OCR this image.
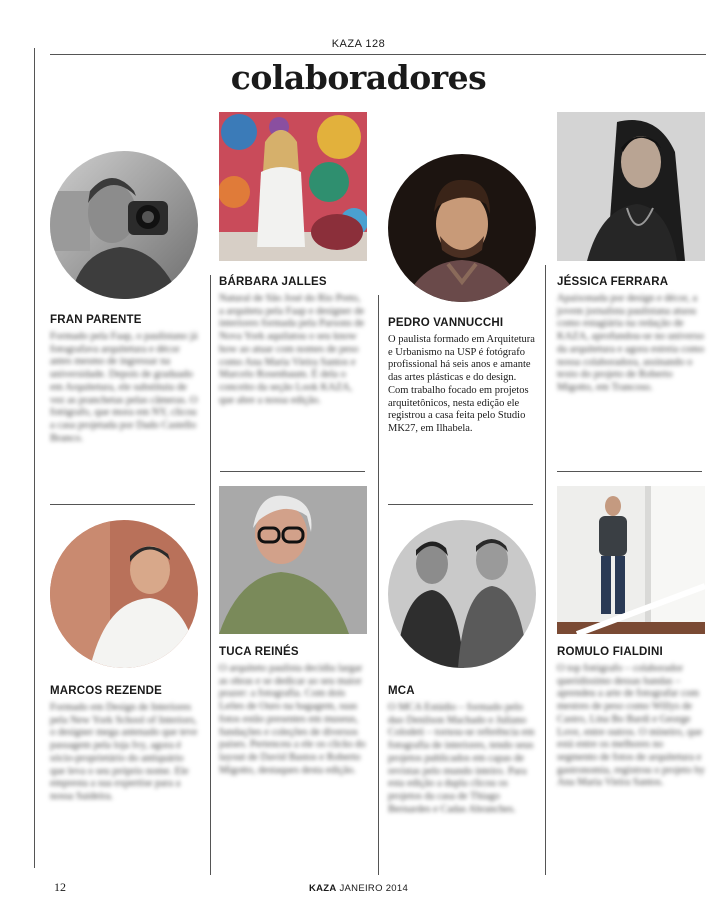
KAZA 128
colaboradores
FRAN PARENTE
Formado pela Faap, o paulistano já fotografava arquitetura e décor antes mesmo de ingressar na universidade. Depois de graduado em Arquitetura, ele substituiu de vez as pranchetas pelas câmeras. O fotógrafo, que mora em NY, clicou a casa projetada por Dado Castello Branco.
BÁRBARA JALLES
Natural de São José do Rio Preto, a arquiteta pela Faap e designer de interiores formada pela Parsons de Nova York aquilatou o seu know how ao atuar com nomes de peso como Ana Maria Vieira Santos e Marcelo Rosenbaum. É dela o conceito da seção Look KAZA, que abre a nossa edição.
PEDRO VANNUCCHI
O paulista formado em Arquitetura e Urbanismo na USP é fotógrafo profissional há seis anos e amante das artes plásticas e do design. Com trabalho focado em projetos arquitetônicos, nesta edição ele registrou a casa feita pelo Studio MK27, em Ilhabela.
JÉSSICA FERRARA
Apaixonada por design e décor, a jovem jornalista paulistana atuou como estagiária na redação de KAZA, aprofundou-se no universo da arquitetura e agora estreia como nossa colaboradora, assinando o texto do projeto de Roberto Migotto, em Trancoso.
MARCOS REZENDE
Formado em Design de Interiores pela New York School of Interiors, o designer mega antenado que teve passagem pela loja Ivy, agora é sócio-proprietário do antiquário que leva o seu próprio nome. Ele empresta a sua expertise para a nossa Saideira.
TUCA REINÉS
O arquiteto paulista decidiu largar as obras e se dedicar ao seu maior prazer: a fotografia. Com dois Leões de Ouro na bagagem, suas fotos estão presentes em museus, fundações e coleções de diversos países. Pertenceu a ele os clicks do layout de David Bastos e Roberto Migotto, destaques desta edição.
MCA
O MCA Estúdio – formado pelo duo Denilson Machado e Juliano Colodeti – tornou-se referência em fotografia de interiores, tendo seus projetos publicados em capas de revistas pelo mundo inteiro. Para esta edição a dupla clicou os projetos da casa de Thiago Bernardes e Cadas Abranches.
ROMULO FIALDINI
O top fotógrafo – colaborador queridíssimo dessas bandas – aprendeu a arte de fotografar com mestres de peso como Willys de Castro, Lina Bo Bardi e George Love, entre outros. O mineiro, que está entre os melhores no segmento de fotos de arquitetura e gastronomia, registrou o projeto by Ana Maria Vieira Santos.
12	KAZA JANEIRO 2014
